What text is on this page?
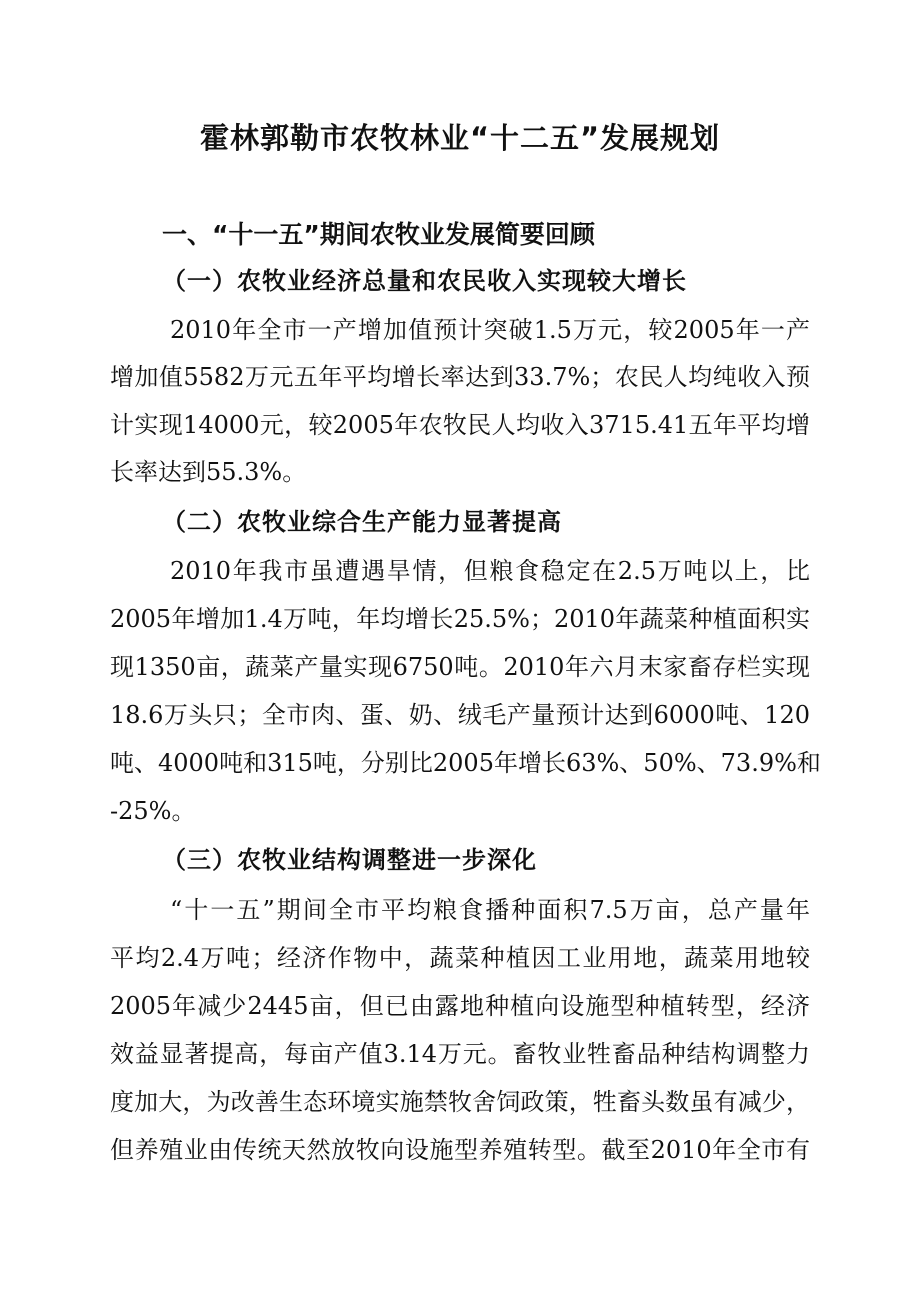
霍林郭勒市农牧林业“十二五”发展规划
一、“十一五”期间农牧业发展简要回顾
（一）农牧业经济总量和农民收入实现较大增长
2010年全市一产增加值预计突破1.5万元，较2005年一产
增加值5582万元五年平均增长率达到33.7%；农民人均纯收入预
计实现14000元，较2005年农牧民人均收入3715.41五年平均增
长率达到55.3%。
（二）农牧业综合生产能力显著提高
2010年我市虽遭遇旱情，但粮食稳定在2.5万吨以上，比
2005年增加1.4万吨，年均增长25.5%；2010年蔬菜种植面积实
现1350亩，蔬菜产量实现6750吨。2010年六月末家畜存栏实现
18.6万头只；全市肉、蛋、奶、绒毛产量预计达到6000吨、120
吨、4000吨和315吨，分别比2005年增长63%、50%、73.9%和
-25%。
（三）农牧业结构调整进一步深化
“十一五”期间全市平均粮食播种面积7.5万亩，总产量年
平均2.4万吨；经济作物中，蔬菜种植因工业用地，蔬菜用地较
2005年减少2445亩，但已由露地种植向设施型种植转型，经济
效益显著提高，每亩产值3.14万元。畜牧业牲畜品种结构调整力
度加大，为改善生态环境实施禁牧舍饲政策，牲畜头数虽有减少，
但养殖业由传统天然放牧向设施型养殖转型。截至2010年全市有
